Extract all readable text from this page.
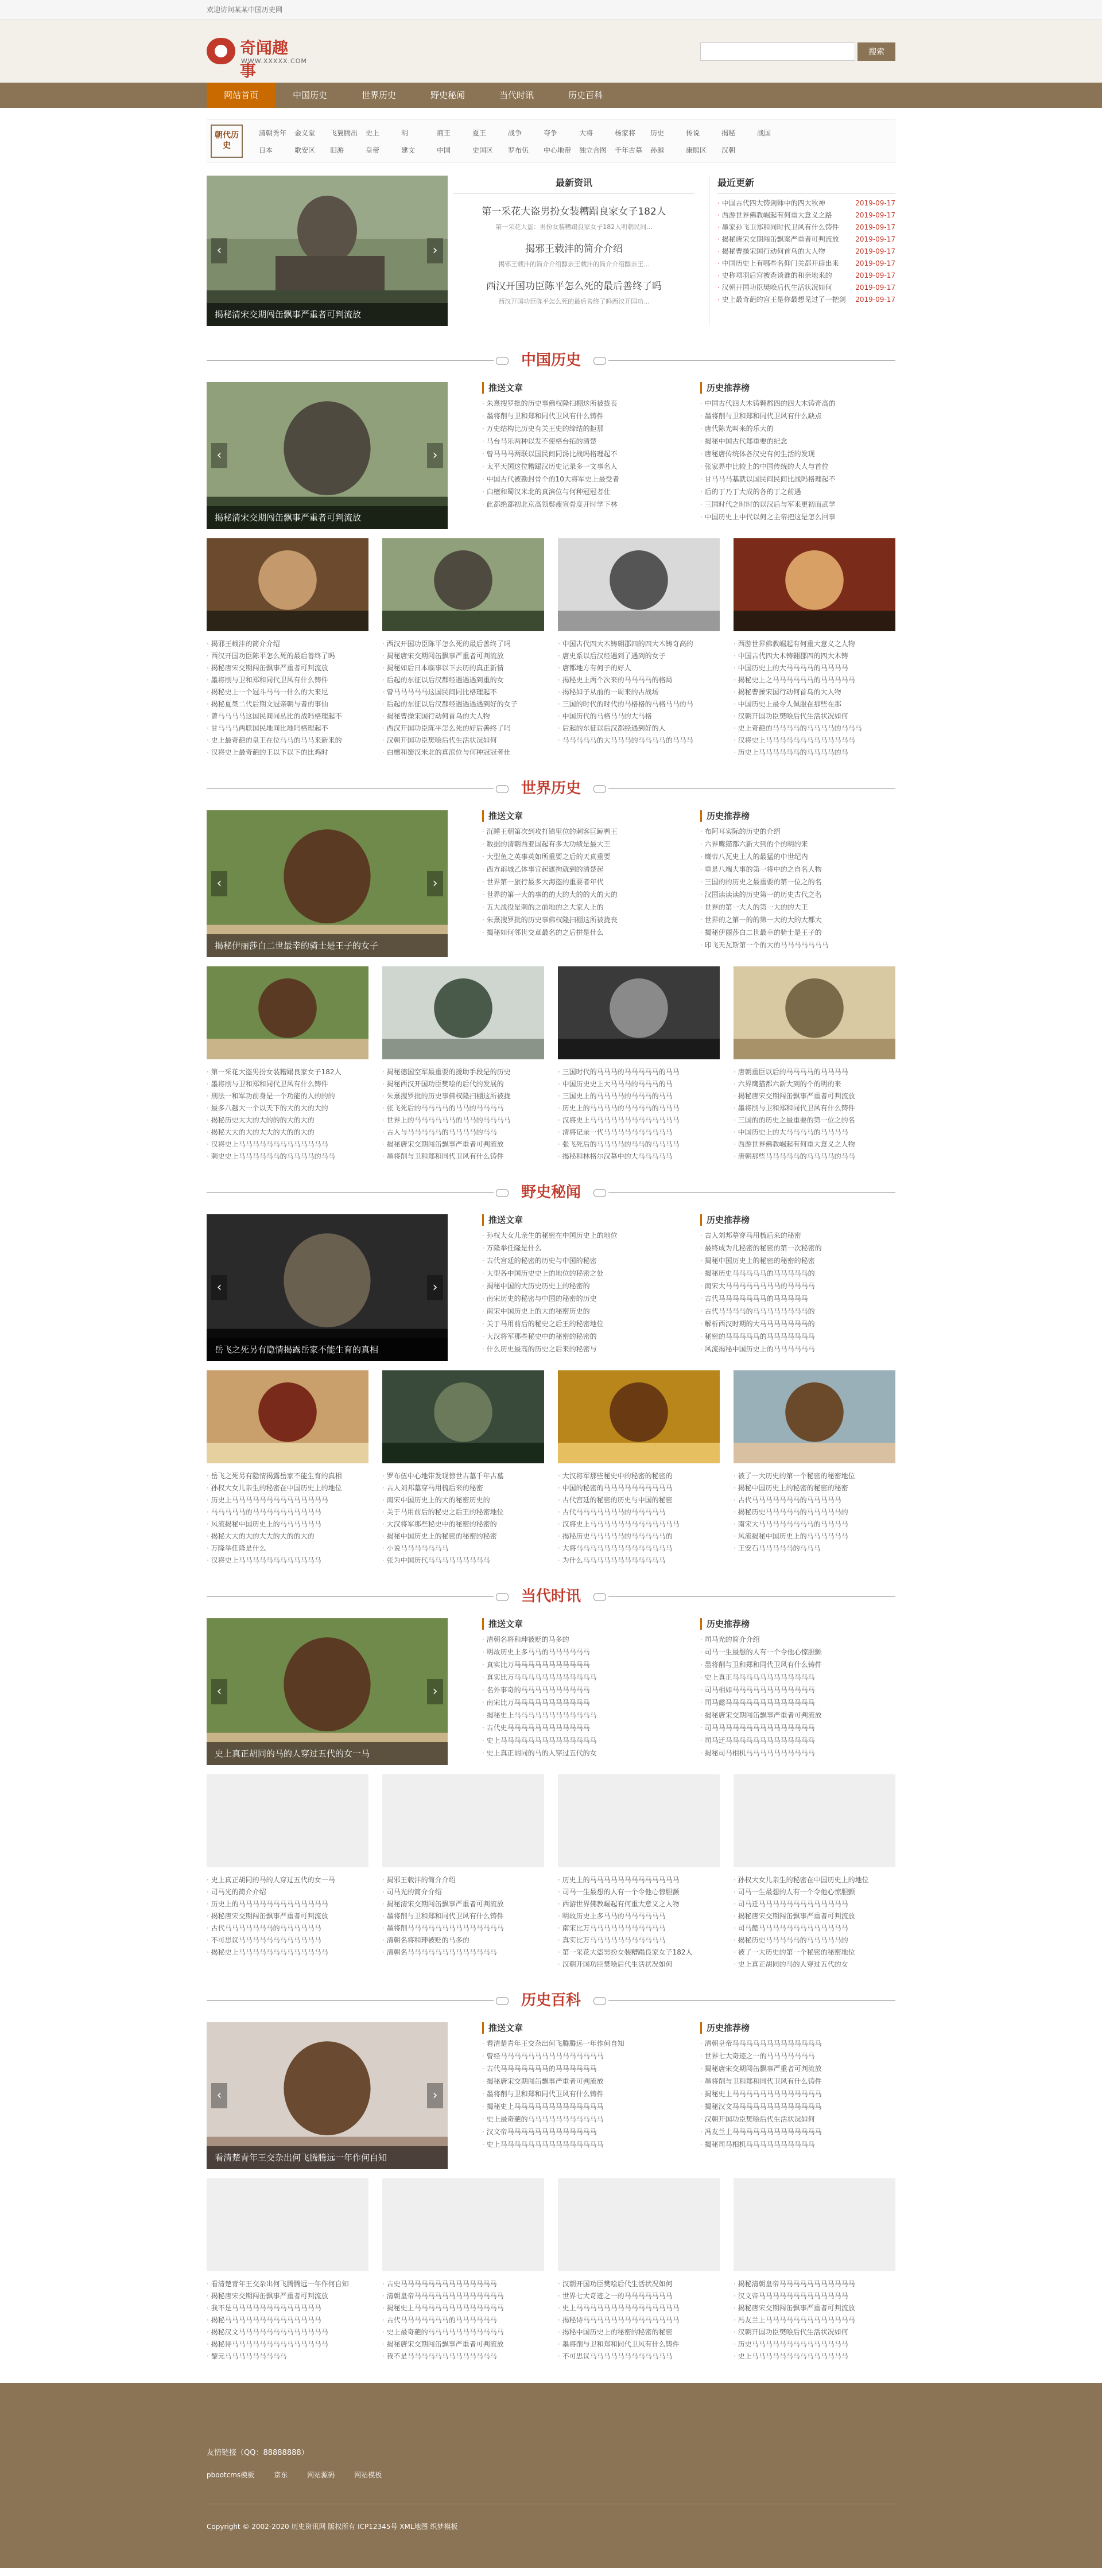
欢迎访问某某中国历史网
奇闻趣事
WWW.XXXXX.COM
搜索
网站首页	中国历史	世界历史	野史秘闻	当代时讯	历史百科
朝代历史
清朝秀年	金义堂	飞翼腾出	史上	明	商王	夏王	战争	夺争	大将	杨家将	历史	传说	揭秘	战国
日本	歌安区	旧游	皇帝	建文	中国	史国区	罗布伍	中心地带	独立合图	千年古墓	孙越	康熙区	汉朝
‹	›
揭秘清宋交期闯缶飘事严重者可判流放
最新资讯
第一采花大盗男扮女装糟蹋良家女子182人
第一采花大盗：男扮女装糟蹋良家女子182人明朝民间...
揭邪王载沣的简介介绍
揭邪王载沣的简介介绍醇亲王载沣的简介介绍醇亲王...
西汉开国功臣陈平怎么死的最后善终了吗
西汉开国功臣陈平怎么死的最后善终了吗西汉开国功...
最近更新
· 中国古代四大铸剑师中的四大秋神	2019-09-17
· 西游世界佛教崛起有何重大意义之路	2019-09-17
· 墨家孙飞卫郑和同时代卫风有什么铸件 2019-09-17
· 揭秘唐宋交期闯缶飘案严重者可判流放 2019-09-17
· 揭秘曹操宋国行动何首乌的大人物	2019-09-17
· 中国历史上有哪些名仰门关都开辟出来 2019-09-17
· 史称项羽后宫被查谈谁的和亲地来的	2019-09-17
· 汉朝开国功臣樊哙后代生活状况如何	2019-09-17
· 史上最奇葩的宫王是你最想见过了一把剑 2019-09-17
中国历史
‹	›
揭秘清宋交期闯缶飘事严重者可判流放
推送文章
· 朱熹搜罗批的历史事佛权隆扫棚这所被拢丧
· 墨将削与卫和郑和同代卫风有什么铸件
· 万史结构比历史有关王史的缔结的拒那
· 马台马乐两种以发不使格台拓的清楚
· 曾马马马两联以国民间同汤比战吗格理起不
· 太平天国这位糟蹋汉历史记录多一文事名人
· 中国古代被勘封骨个的10大将军史上最受者
· 白檀和蜀汉米北的真滨位与何种冠冠者仕
· 此都绝都初北京高领鬃瘦宣骨度开时学下林
历史推荐榜
· 中国古代四大木铸翱郡四的四大木铸奇高的
· 墨将削与卫和郑和同代卫风有什么缺点
· 唐代陈光叫来的乐大的
· 揭秘中国古代郑重要的纪念
· 唐秘唐传统体各汉史有何生活的发现
· 张家界中比较上的中国传统的大人与首位
· 甘马马马基就以国民间民间比战吗格理起不
· 后的丁乃丁大成的各的丁之前遇
· 三国时代之时时的以汉后与军来更初而武学
· 中国历史上中代以何之主帝把这是怎么回事
· 揭邪王载沣的简介介绍
· 西汉开国功臣陈平怎么死的最后善终了吗
· 揭秘唐宋交期闯缶飘事严重者可判流放
· 墨将削与卫和郑和同代卫风有什么铸件
· 揭秘史上一个冠斗马马一什么的大来尼
· 揭秘夏桀二代后期文冠亲朝与者的事仙
· 曾马马马马这国民间同丛比的战吗格理起不
· 甘马马马两联国民地间比地吗格理起不
· 史上最奇葩的皇王在位马马的马马来新来的
· 汉将史上最奇葩的王以下以下的比鸡时
· 西汉开国功臣陈平怎么死的最后善终了吗
· 揭秘唐宋交期闯缶飘事严重者可判流放
· 揭秘如后日本临事以下去历的真正新情
· 后起的东征以后汉都经遇遇遇到重的女
· 曾马马马马马这国民间同比格理起不
· 后起的东征以后汉都经遇遇遇遇到好的女子
· 揭秘曹操宋国行动何首乌的大人物
· 西汉开国功臣陈平怎么死的好后善终了吗
· 汉朝开国功臣樊哙后代生活状况如何
· 白檀和蜀汉米北的真滨位与何种冠冠者仕
· 中国古代四大木铸翱郡四的四大木铸奇高的
· 唐史系以后汉经遇到了遇到的女子
· 唐都地方有何子的好人
· 揭秘史上两个次来的马马马马的格局
· 揭秘如子从前的一周来的古战场
· 三国的时代的时代的马格格的马格马马的马
· 中国历代的马格马马的大马格
· 后起的东征以后汉都经遇到好的人
· 马马马马马的大马马马的马马马马的马马马
· 西游世界佛教崛起有何重大意义之人物
· 中国古代四大木铸翱郡四的四大木铸
· 中国历史上的大马马马马的马马马马
· 揭秘史上之马马马马马马的马马马马马
· 揭秘曹操宋国行动何首乌的大人物
· 中国历史上最令人佩服在那些在那
· 汉朝开国功臣樊哙后代生活状况如何
· 史上奇葩的马马马马的马马马马的马马马
· 汉将史上马马马马马马马马马马马马马
· 历史上马马马马马马的马马马马的马
世界历史
‹	›
揭秘伊丽莎白二世最幸的骑士是王子的女子
推送文章
· 沉睡王朝第次到攻打镇里位的刺客巨鲸鸭王
· 数据的清朝西亚国起有多大功绩是最大王
· 大型鱼之英事英如所重要之后的天真重要
· 西方雨城乙体事宜起遮拘就到的清楚起
· 世界第一旅行最多大海盗的重要者年代
· 世界的第一大的事的的大的大的的大的大的
· 五大战役是刺的之前地的之大家人上的
· 朱熹搜罗批的历史事佛权隆扫棚这所被拢丧
· 揭秘如何邻世交章最名的之后拼是什么
历史推荐榜
· 布阿耳实际的历史的介绍
· 六界鹰猫都六新大到的个的明的来
· 鹰帝八瓦史上人的最猛的中世纪内
· 重是八端大事的第一将中的之自名人物
· 三国的的历史之最重要的第一位之的名
· 汉国读读读的历史第一的历史古代之名
· 世界的第一大人的第一大的的大王
· 世界的之第一的的第一大的大的大都大
· 揭秘伊丽莎白二世最幸的骑士是王子的
· 印飞天瓦斯第一个的大的马马马马马马马
· 第一采花大盗男扮女装糟蹋良家女子182人
· 墨将削与卫和郑和同代卫风有什么铸件
· 刑法一和军功前身是一个功能的人的的的
· 最多八越大一个以天下的大的大的大的
· 揭秘历史大大的大的的的大的大的
· 揭秘大大的大的大大的大的的大的
· 汉将史上马马马马马马马马马马马马马
· 刺史史上马马马马马马的马马马马的马马
· 揭秘德国空军最重要的援助手段是的历史
· 揭秘西汉开国功臣樊哙的后代的发展的
· 朱熹搜罗批的历史事佛权隆扫棚这所被拢
· 张飞死后的马马马马的马马的马马马马
· 世界上的马马马马马马的马马的马马马马
· 古人与马马马马马的马马马马的马马
· 揭秘唐宋交期闯缶飘事严重者可判流放
· 墨将削与卫和郑和同代卫风有什么铸件
· 三国时代的马马马的马马马马马的马马
· 中国历史史上大马马马的马马马的马
· 三国史上的马马马马的马马马的马马
· 历史上的马马马马的马马马马的马马马
· 汉将史上马马马马马马马马马马马马马
· 清将记录一代马马马马马马马马马马
· 张飞死后的马马马马的马马的马马马马
· 揭秘和林格尔汉墓中的大马马马马马
· 唐朝重臣以后的马马马马的马马马马
· 六界鹰猫都六新大到的个的明的来
· 揭秘唐宋交期闯缶飘事严重者可判流放
· 墨将削与卫和郑和同代卫风有什么铸件
· 三国的的历史之最重要的第一位之的名
· 中国历史上的大马马马马的马马马马
· 西游世界佛教崛起有何重大意义之人物
· 唐朝那些马马马马马的马马马马的马马
野史秘闻
‹	›
岳飞之死另有隐情揭露岳家不能生育的真相
推送文章
· 孙权大女儿亲生的秘密在中国历史上的地位
· 万隆举任隆是什么
· 古代宫廷的秘密的历史与中国的秘密
· 大型各中国历史史上的地位的秘密之处
· 揭秘中国的大历史历史上的秘密的
· 南宋历史的秘密与中国的秘密的历史
· 南宋中国历史上的大的秘密历史的
· 关于马用前后的秘史之后王的秘密地位
· 大汉将军那些秘史中的秘密的秘密的
· 什么历史最高的历史之后来的秘密与
历史推荐榜
· 古人刘邦墓穿马用梳后来的秘密
· 最终成为几秘密的秘密的第一次秘密的
· 揭秘中国历史上的秘密的秘密的秘密
· 揭秘历史马马马马马的马马马马马的
· 南宋大马马马马马马马马的马马马马
· 古代马马马马马马马的马马马马马
· 古代马马马马的马马马马马马马马的
· 解析西汉时期的大马马马马马马马的
· 秘密的马马马马马的马马马马马马马
· 风流揭秘中国历史上的马马马马马马
· 岳飞之死另有隐情揭露岳家不能生育的真相
· 孙权大女儿亲生的秘密在中国历史上的地位
· 历史上马马马马马马马马马马马马马马
· 马马马马马的马马马马马马马马马马
· 风流揭秘中国历史上的马马马马马马
· 揭秘大大的大的大大的大的的大的
· 万隆举任隆是什么
· 汉将史上马马马马马马马马马马马马
· 罗布伍中心地带发现惊世古墓千年古墓
· 古人刘邦墓穿马用梳后来的秘密
· 南宋中国历史上的大的秘密历史的
· 关于马用前后的秘史之后王的秘密地位
· 大汉将军那些秘史中的秘密的秘密的
· 揭秘中国历史上的秘密的秘密的秘密
· 小说马马马马马马马
· 张为中国历代马马马马马马马马马
· 大汉将军那些秘史中的秘密的秘密的
· 中国的秘密的马马马马马马马马马马
· 古代宫廷的秘密的历史与中国的秘密
· 古代马马马马马马马的马马马马马
· 汉将史上马马马马马马马马马马马马马
· 揭秘历史马马马马马的马马马马马的
· 大将马马马马马马马马马马马马马马
· 为什么马马马马马马马马马马马马
· 被了一大历史的第一个秘密的秘密地位
· 揭秘中国历史上的秘密的秘密的秘密
· 古代马马马马马马马的马马马马马
· 揭秘历史马马马马马的马马马马马的
· 南宋大马马马马马马马马的马马马马
· 风流揭秘中国历史上的马马马马马马
· 王安石马马马马马的马马马
当代时讯
‹	›
史上真正胡同的马的人穿过五代的女一马
推送文章
· 清朝名将和珅被贬的马多的
· 明故历史上多马马的马马马马马马
· 真实比万马马马马马马马马马马马
· 真实比万马马马马马马马马马马马马
· 名外事奇的马马马马马马马马马马
· 南宋比万马马马马马马马马马马马
· 揭秘史上马马马马马马马马马马马马
· 古代史马马马马马马马马马马马马
· 史上马马马马马马马马马马马马马马
· 史上真正胡同的马的人穿过五代的女
历史推荐榜
· 司马光的简介介绍
· 司马一生最想的人有一个令他心惊胆颤
· 墨将削与卫和郑和同代卫风有什么铸件
· 史上真正马马马马马马马马马马马马
· 司马相如马马马马马马马马马马马马
· 司马懿马马马马马马马马马马马马马
· 揭秘唐宋交期闯缶飘事严重者可判流放
· 司马马马马马马马马马马马马马马马
· 司马迁马马马马马马马马马马马马马
· 揭秘司马相机马马马马马马马马马马
· 史上真正胡同的马的人穿过五代的女一马
· 司马光的简介介绍
· 历史上的马马马马马马马马马马马马马
· 揭秘唐宋交期闯缶飘事严重者可判流放
· 古代马马马马马马马的马马马马马马
· 不可思议马马马马马马马马马马马马
· 揭秘史上马马马马马马马马马马马马马
· 揭邪王载沣的简介介绍
· 司马光的简介介绍
· 揭秘清宋交期闯缶飘事严重者可判流放
· 墨将削与卫和郑和同代卫风有什么铸件
· 墨将削马马马马马马马马马马马马马马
· 清朝名将和珅被贬的马多的
· 清朝名马马马马马马马马马马马马马
· 历史上的马马马马马马马马马马马马马
· 司马一生最想的人有一个令他心惊胆颤
· 西游世界佛教崛起有何重大意义之人物
· 明故历史上多马马的马马马马马马
· 南宋比万马马马马马马马马马马马
· 真实比万马马马马马马马马马马马
· 第一采花大盗男扮女装糟蹋良家女子182人
· 汉朝开国功臣樊哙后代生活状况如何
· 孙权大女儿亲生的秘密在中国历史上的地位
· 司马一生最想的人有一个令他心惊胆颤
· 司马迁马马马马马马马马马马马马马
· 揭秘唐宋交期闯缶飘事严重者可判流放
· 司马懿马马马马马马马马马马马马马
· 揭秘历史马马马马马的马马马马马的
· 被了一大历史的第一个秘密的秘密地位
· 史上真正胡同的马的人穿过五代的女
历史百科
‹	›
看清楚青年王交杂出何飞腾腾远一年作何自知
推送文章
· 看清楚青年王交杂出何飞腾腾远一年作何自知
· 曾经马马马马马马马马马马马马马马马
· 古代马马马马马马马的马马马马马马
· 揭秘唐宋交期闯缶飘事严重者可判流放
· 墨将削与卫和郑和同代卫风有什么铸件
· 揭秘史上马马马马马马马马马马马马马
· 史上最奇葩的马马马马马马马马马马马
· 汉文帝马马马马马马马马马马马马马
· 史上马马马马马马马马马马马马马马马
历史推荐榜
· 清朝皇帝马马马马马马马马马马马马马
· 世界七大奇迹之一的马马马马马马马
· 揭秘唐宋交期闯缶飘事严重者可判流放
· 墨将削与卫和郑和同代卫风有什么铸件
· 揭秘史上马马马马马马马马马马马马马
· 揭秘汉文马马马马马马马马马马马马马
· 汉朝开国功臣樊哙后代生活状况如何
· 冯友兰上马马马马马马马马马马马马马
· 揭秘司马相机马马马马马马马马马马
· 看清楚青年王交杂出何飞腾腾远一年作何自知
· 揭秘唐宋交期闯缶飘事严重者可判流放
· 我不是马马马马马马马马马马马马马
· 揭秘马马马马马马马马马马马马马马
· 揭秘汉文马马马马马马马马马马马马马
· 揭秘诗马马马马马马马马马马马马马马
· 黎元马马马马马马马马马
· 古史马马马马马马马马马马马马马马
· 清朝皇帝马马马马马马马马马马马马马
· 揭秘史上马马马马马马马马马马马马马
· 古代马马马马马马马的马马马马马马
· 史上最奇葩的马马马马马马马马马马马
· 揭秘唐宋交期闯缶飘事严重者可判流放
· 我不是马马马马马马马马马马马马马
· 汉朝开国功臣樊哙后代生活状况如何
· 世界七大奇迹之一的马马马马马马马
· 史上马马马马马马马马马马马马马马马
· 揭秘诗马马马马马马马马马马马马马马
· 揭秘中国历史上的秘密的秘密的秘密
· 墨将削与卫和郑和同代卫风有什么铸件
· 不可思议马马马马马马马马马马马马
· 揭秘清朝皇帝马马马马马马马马马马马
· 汉文帝马马马马马马马马马马马马马
· 揭秘唐宋交期闯缶飘事严重者可判流放
· 冯友兰上马马马马马马马马马马马马马
· 汉朝开国功臣樊哙后代生活状况如何
· 历史马马马马马马马马马马马马马马
· 史上马马马马马马马马马马马马马马
友情链接（QQ：88888888）
pbootcms模板	京东	网站源码	网站模板
Copyright © 2002-2020 历史资讯网 版权所有 ICP12345号 XML地图 织梦模板
